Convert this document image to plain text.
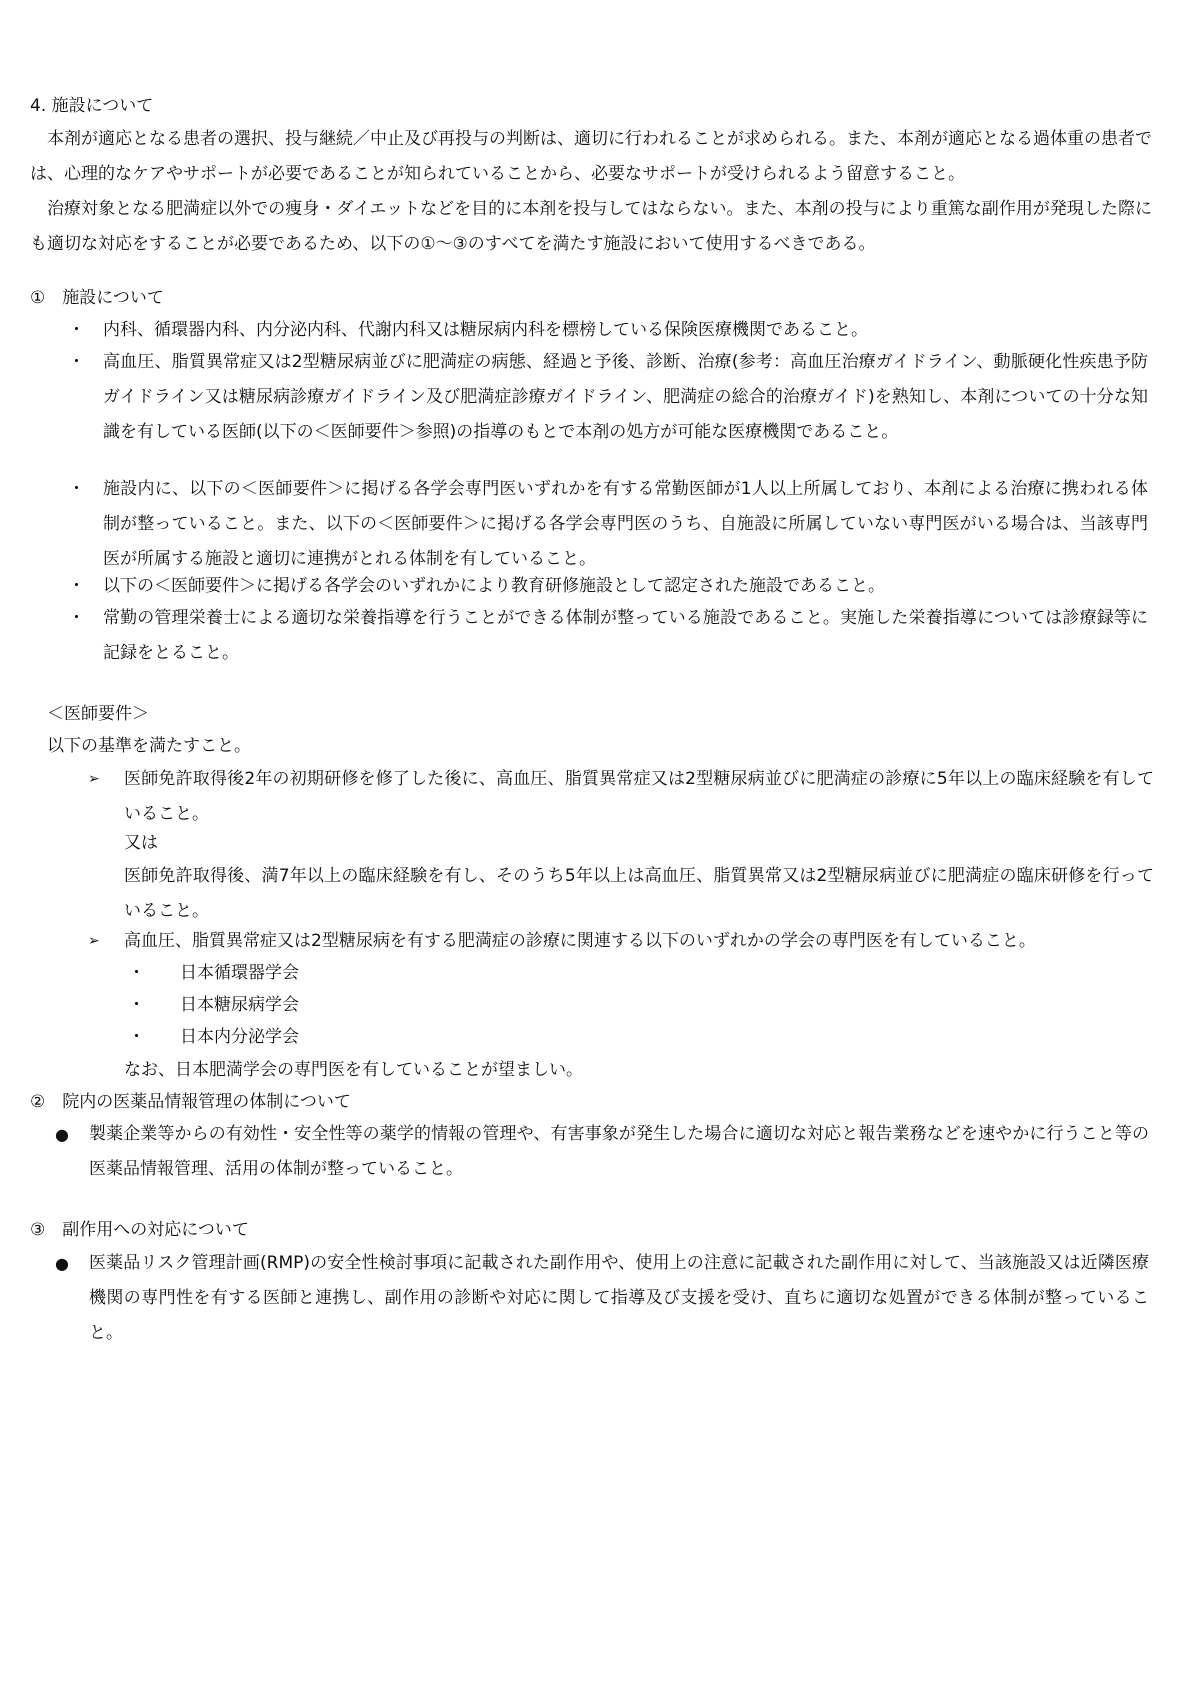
4. 施設について
本剤が適応となる患者の選択、投与継続／中止及び再投与の判断は、適切に行われることが求められる。また、本剤が適応となる過体重の患者では、心理的なケアやサポートが必要であることが知られていることから、必要なサポートが受けられるよう留意すること。
治療対象となる肥満症以外での痩身・ダイエットなどを目的に本剤を投与してはならない。また、本剤の投与により重篤な副作用が発現した際にも適切な対応をすることが必要であるため、以下の①～③のすべてを満たす施設において使用するべきである。
①　施設について
・ 内科、循環器内科、内分泌内科、代謝内科又は糖尿病内科を標榜している保険医療機関であること。
・ 高血圧、脂質異常症又は2型糖尿病並びに肥満症の病態、経過と予後、診断、治療(参考：高血圧治療ガイドライン、動脈硬化性疾患予防ガイドライン又は糖尿病診療ガイドライン及び肥満症診療ガイドライン、肥満症の総合的治療ガイド)を熟知し、本剤についての十分な知識を有している医師(以下の＜医師要件＞参照)の指導のもとで本剤の処方が可能な医療機関であること。
・ 施設内に、以下の＜医師要件＞に掲げる各学会専門医いずれかを有する常勤医師が1人以上所属しており、本剤による治療に携われる体制が整っていること。また、以下の＜医師要件＞に掲げる各学会専門医のうち、自施設に所属していない専門医がいる場合は、当該専門医が所属する施設と適切に連携がとれる体制を有していること。
・ 以下の＜医師要件＞に掲げる各学会のいずれかにより教育研修施設として認定された施設であること。
・ 常勤の管理栄養士による適切な栄養指導を行うことができる体制が整っている施設であること。実施した栄養指導については診療録等に記録をとること。
＜医師要件＞
以下の基準を満たすこと。
➢ 医師免許取得後2年の初期研修を修了した後に、高血圧、脂質異常症又は2型糖尿病並びに肥満症の診療に5年以上の臨床経験を有していること。
又は
医師免許取得後、満7年以上の臨床経験を有し、そのうち5年以上は高血圧、脂質異常又は2型糖尿病並びに肥満症の臨床研修を行っていること。
➢ 高血圧、脂質異常症又は2型糖尿病を有する肥満症の診療に関連する以下のいずれかの学会の専門医を有していること。
・ 日本循環器学会
・ 日本糖尿病学会
・ 日本内分泌学会
なお、日本肥満学会の専門医を有していることが望ましい。
②　院内の医薬品情報管理の体制について
● 製薬企業等からの有効性・安全性等の薬学的情報の管理や、有害事象が発生した場合に適切な対応と報告業務などを速やかに行うこと等の医薬品情報管理、活用の体制が整っていること。
③　副作用への対応について
● 医薬品リスク管理計画(RMP)の安全性検討事項に記載された副作用や、使用上の注意に記載された副作用に対して、当該施設又は近隣医療機関の専門性を有する医師と連携し、副作用の診断や対応に関して指導及び支援を受け、直ちに適切な処置ができる体制が整っていること。
